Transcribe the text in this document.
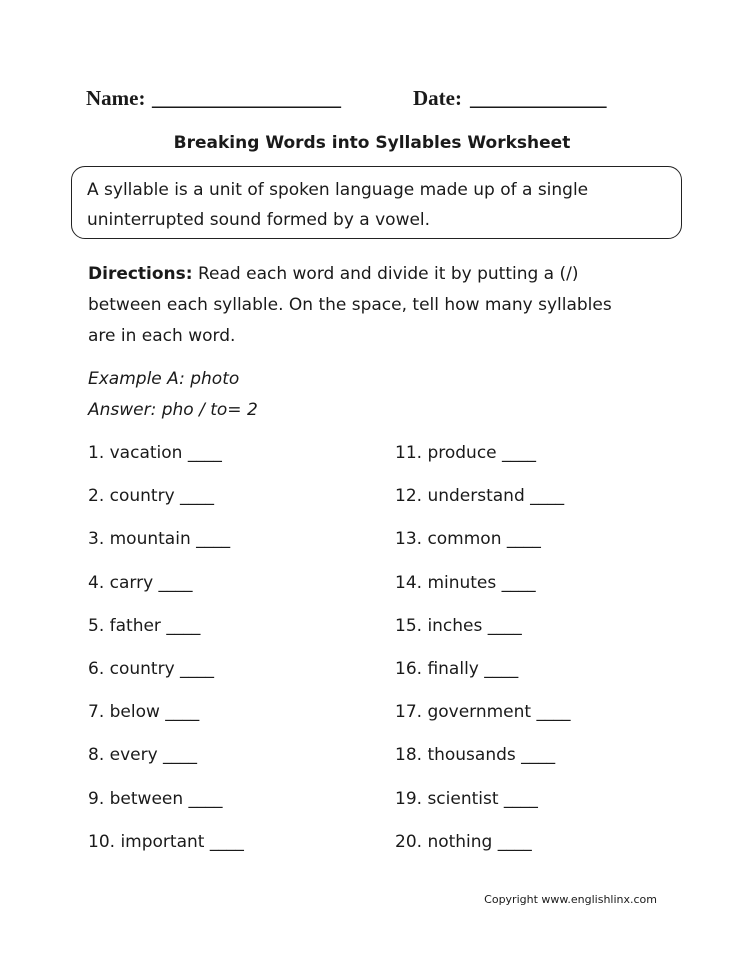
Name: __________________	Date: _____________
Breaking Words into Syllables Worksheet
A syllable is a unit of spoken language made up of a single
uninterrupted sound formed by a vowel.
Directions: Read each word and divide it by putting a (/)
between each syllable. On the space, tell how many syllables
are in each word.
Example A: photo
Answer: pho / to= 2
1. vacation ____
2. country ____
3. mountain ____
4. carry ____
5. father ____
6. country ____
7. below ____
8. every ____
9. between ____
10. important ____
11. produce ____
12. understand ____
13. common ____
14. minutes ____
15. inches ____
16. finally ____
17. government ____
18. thousands ____
19. scientist ____
20. nothing ____
Copyright www.englishlinx.com
